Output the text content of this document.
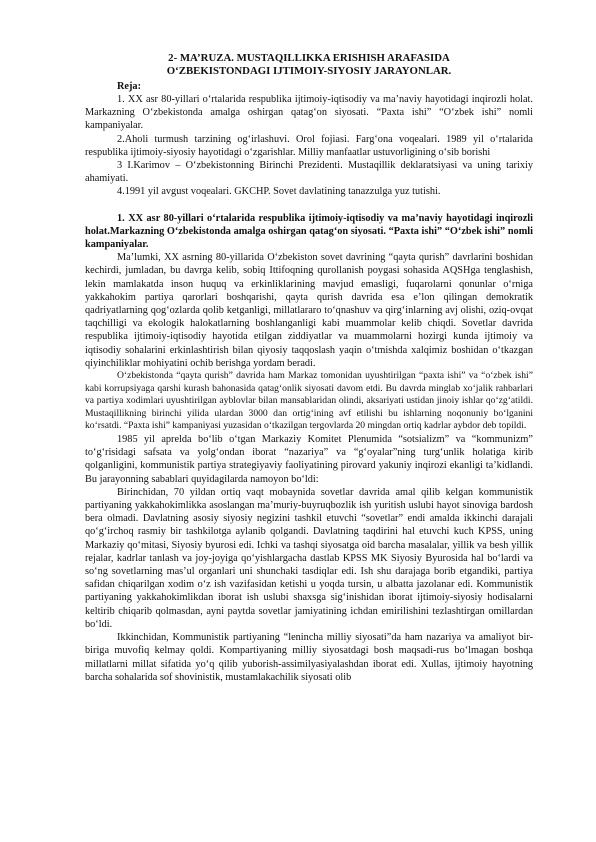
2- MA’RUZA. MUSTAQILLIKKA ERISHISH ARAFASIDA
O‘ZBEKISTONDAGI IJTIMOIY-SIYOSIY JARAYONLAR.
Reja:

1. XX asr 80-yillari o‘rtalarida respublika ijtimoiy-iqtisodiy va ma’naviy hayotidagi inqirozli holat. Markazning O‘zbekistonda amalga oshirgan qatag‘on siyosati. “Paxta ishi” “O‘zbek ishi” nomli kampaniyalar.

2.Aholi turmush tarzining og‘irlashuvi. Orol fojiasi. Farg‘ona voqealari. 1989 yil o‘rtalarida respublika ijtimoiy-siyosiy hayotidagi o‘zgarishlar. Milliy manfaatlar ustuvorligining o‘sib borishi

3 I.Karimov – O‘zbekistonning Birinchi Prezidenti. Mustaqillik deklaratsiyasi va uning tarixiy ahamiyati.

4.1991 yil avgust voqealari. GKCHP. Sovet davlatining tanazzulga yuz tutishi.

1. XX asr 80-yillari o‘rtalarida respublika ijtimoiy-iqtisodiy va ma’naviy hayotidagi inqirozli holat.Markazning O‘zbekistonda amalga oshirgan qatag‘on siyosati. “Paxta ishi” “O‘zbek ishi” nomli kampaniyalar.

Ma’lumki, XX asrning 80-yillarida O‘zbekiston sovet davrining “qayta qurish” davrlarini boshidan kechirdi, jumladan, bu davrga kelib, sobiq Ittifoqning qurollanish poygasi sohasida AQSHga tenglashish, lekin mamlakatda inson huquq va erkinliklarining mavjud emasligi, fuqarolarni qonunlar o‘rniga yakkahokim partiya qarorlari boshqarishi, qayta qurish davrida esa e’lon qilingan demokratik qadriyatlarning qog‘ozlarda qolib ketganligi, millatlararo to‘qnashuv va qirg‘inlarning avj olishi, oziq-ovqat taqchilligi va ekologik halokatlarning boshlanganligi kabi muammolar kelib chiqdi. Sovetlar davrida respublika ijtimoiy-iqtisodiy hayotida etilgan ziddiyatlar va muammolarni hozirgi kunda ijtimoiy va iqtisodiy sohalarini erkinlashtirish bilan qiyosiy taqqoslash yaqin o‘tmishda xalqimiz boshidan o‘tkazgan qiyinchiliklar mohiyatini ochib berishga yordam beradi.

O‘zbekistonda “qayta qurish” davrida ham Markaz tomonidan uyushtirilgan “paxta ishi” va “o‘zbek ishi” kabi korrupsiyaga qarshi kurash bahonasida qatag‘onlik siyosati davom etdi. Bu davrda minglab xo‘jalik rahbarlari va partiya xodimlari uyushtirilgan ayblovlar bilan mansablaridan olindi, aksariyati ustidan jinoiy ishlar qo‘zg‘atildi. Mustaqillikning birinchi yilida ulardan 3000 dan ortig‘ining avf etilishi bu ishlarning noqonuniy bo‘lganini ko‘rsatdi. “Paxta ishi” kampaniyasi yuzasidan o‘tkazilgan tergovlarda 20 mingdan ortiq kadrlar aybdor deb topildi.

1985 yil aprelda bo‘lib o‘tgan Markaziy Komitet Plenumida “sotsializm” va “kommunizm” to‘g‘risidagi safsata va yolg‘ondan iborat “nazariya” va “g‘oyalar”ning turg‘unlik holatiga kirib qolganligini, kommunistik partiya strategiyaviy faoliyatining pirovard yakuniy inqirozi ekanligi ta’kidlandi. Bu jarayonning sabablari quyidagilarda namoyon bo‘ldi:

Birinchidan, 70 yildan ortiq vaqt mobaynida sovetlar davrida amal qilib kelgan kommunistik partiyaning yakkahokimlikka asoslangan ma’muriy-buyruqbozlik ish yuritish uslubi hayot sinoviga bardosh bera olmadi. Davlatning asosiy siyosiy negizini tashkil etuvchi “sovetlar” endi amalda ikkinchi darajali qo‘g‘irchoq rasmiy bir tashkilotga aylanib qolgandi. Davlatning taqdirini hal etuvchi kuch KPSS, uning Markaziy qo‘mitasi, Siyosiy byurosi edi. Ichki va tashqi siyosatga oid barcha masalalar, yillik va besh yillik rejalar, kadrlar tanlash va joy-joyiga qo‘yishlargacha dastlab KPSS MK Siyosiy Byurosida hal bo‘lardi va so‘ng sovetlarning mas’ul organlari uni shunchaki tasdiqlar edi. Ish shu darajaga borib etgandiki, partiya safidan chiqarilgan xodim o‘z ish vazifasidan ketishi u yoqda tursin, u albatta jazolanar edi. Kommunistik partiyaning yakkahokimlikdan iborat ish uslubi shaxsga sig‘inishidan iborat ijtimoiy-siyosiy hodisalarni keltirib chiqarib qolmasdan, ayni paytda sovetlar jamiyatining ichdan emirilishini tezlashtirgan omillardan bo‘ldi.

Ikkinchidan, Kommunistik partiyaning “lenincha milliy siyosati”da ham nazariya va amaliyot bir-biriga muvofiq kelmay qoldi. Kompartiyaning milliy siyosatdagi bosh maqsadi-rus bo‘lmagan boshqa millatlarni millat sifatida yo‘q qilib yuborish-assimilyasiyalashdan iborat edi. Xullas, ijtimoiy hayotning barcha sohalarida sof shovinistik, mustamlakachilik siyosati olib
